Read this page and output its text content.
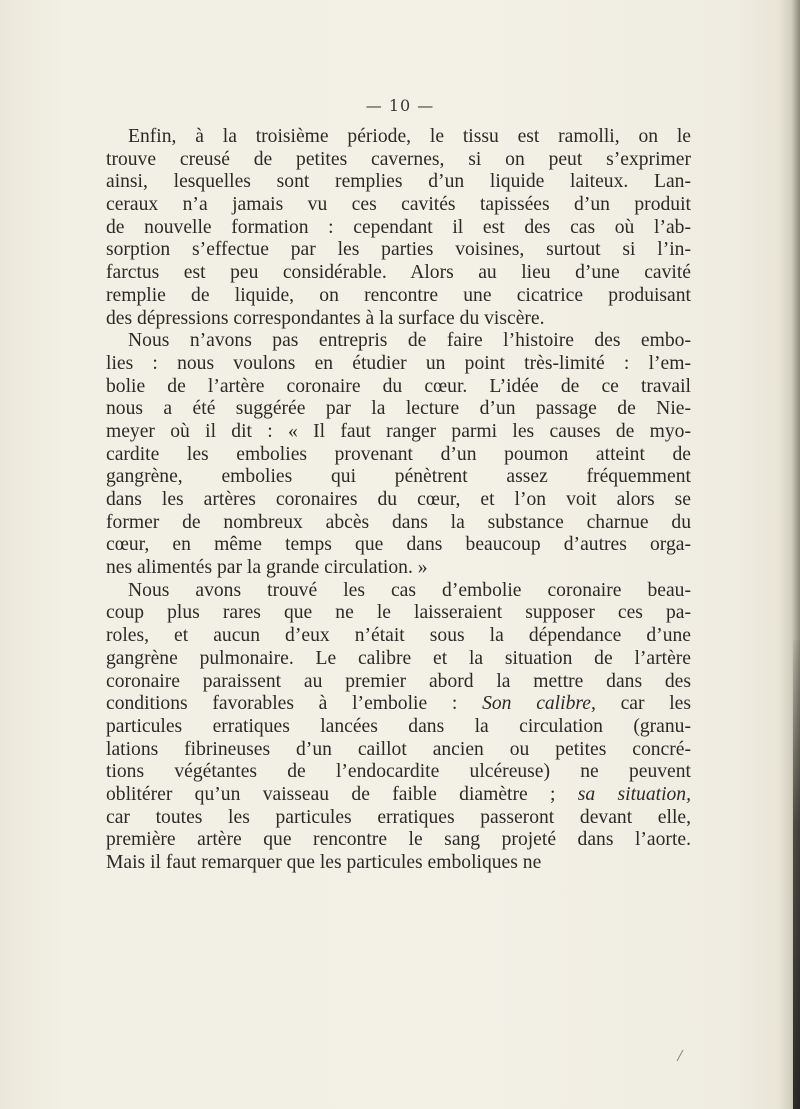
— 10 —
Enfin, à la troisième période, le tissu est ramolli, on le
trouve creusé de petites cavernes, si on peut s’exprimer
ainsi, lesquelles sont remplies d’un liquide laiteux. Lan-
ceraux n’a jamais vu ces cavités tapissées d’un produit
de nouvelle formation : cependant il est des cas où l’ab-
sorption s’effectue par les parties voisines, surtout si l’in-
farctus est peu considérable. Alors au lieu d’une cavité
remplie de liquide, on rencontre une cicatrice produisant
des dépressions correspondantes à la surface du viscère.
Nous n’avons pas entrepris de faire l’histoire des embo-
lies : nous voulons en étudier un point très-limité : l’em-
bolie de l’artère coronaire du cœur. L’idée de ce travail
nous a été suggérée par la lecture d’un passage de Nie-
meyer où il dit : « Il faut ranger parmi les causes de myo-
cardite les embolies provenant d’un poumon atteint de
gangrène, embolies qui pénètrent assez fréquemment
dans les artères coronaires du cœur, et l’on voit alors se
former de nombreux abcès dans la substance charnue du
cœur, en même temps que dans beaucoup d’autres orga-
nes alimentés par la grande circulation. »
Nous avons trouvé les cas d’embolie coronaire beau-
coup plus rares que ne le laisseraient supposer ces pa-
roles, et aucun d’eux n’était sous la dépendance d’une
gangrène pulmonaire. Le calibre et la situation de l’artère
coronaire paraissent au premier abord la mettre dans des
conditions favorables à l’embolie : Son calibre, car les
particules erratiques lancées dans la circulation (granu-
lations fibrineuses d’un caillot ancien ou petites concré-
tions végétantes de l’endocardite ulcéreuse) ne peuvent
oblitérer qu’un vaisseau de faible diamètre ; sa situation,
car toutes les particules erratiques passeront devant elle,
première artère que rencontre le sang projeté dans l’aorte.
Mais il faut remarquer que les particules emboliques ne
